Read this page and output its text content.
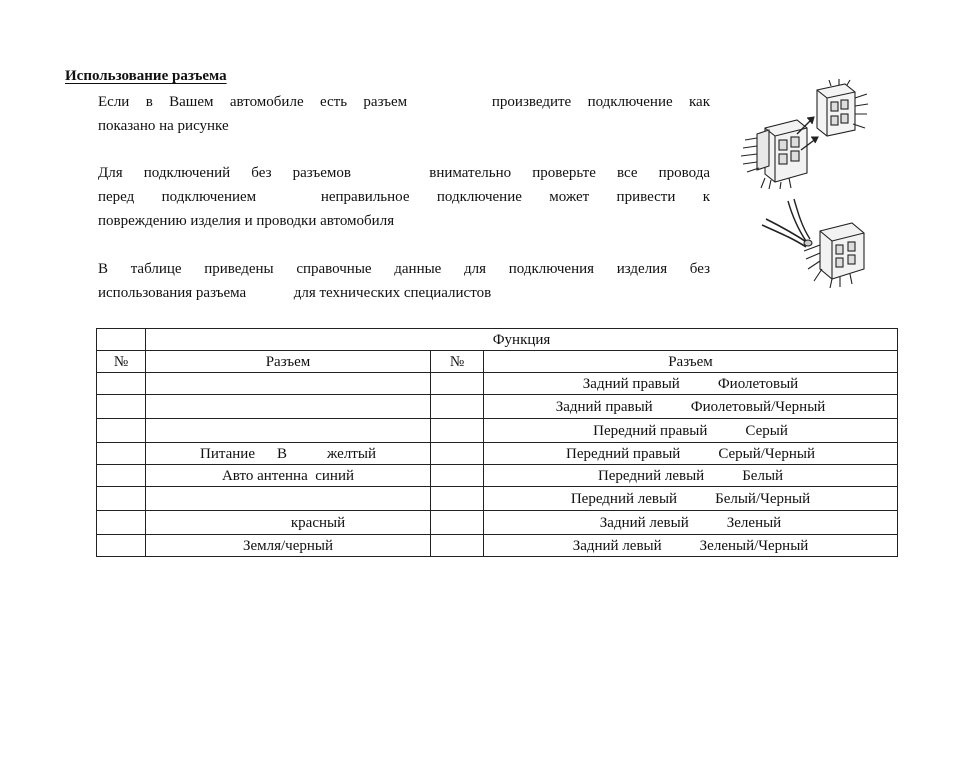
Использование разъема
Если в Вашем автомобиле есть разъем	произведите подключение как
показано на рисунке
Для подключений без разъемов	внимательно проверьте все провода
перед подключением	неправильное подключение может привести к
повреждению изделия и проводки автомобиля
В таблице приведены справочные данные для подключения изделия без
использования разъема	для технических специалистов
	Функция		
№	Разъем	№	Разъем
			Задний правый Фиолетовый
			Задний правый Фиолетовый/Черный
			Передний правый Серый
	Питание В желтый		Передний правый Серый/Черный
	Авто антенна синий		Передний левый Белый
			Передний левый Белый/Черный
	красный		Задний левый Зеленый
	Земля/черный		Задний левый Зеленый/Черный
